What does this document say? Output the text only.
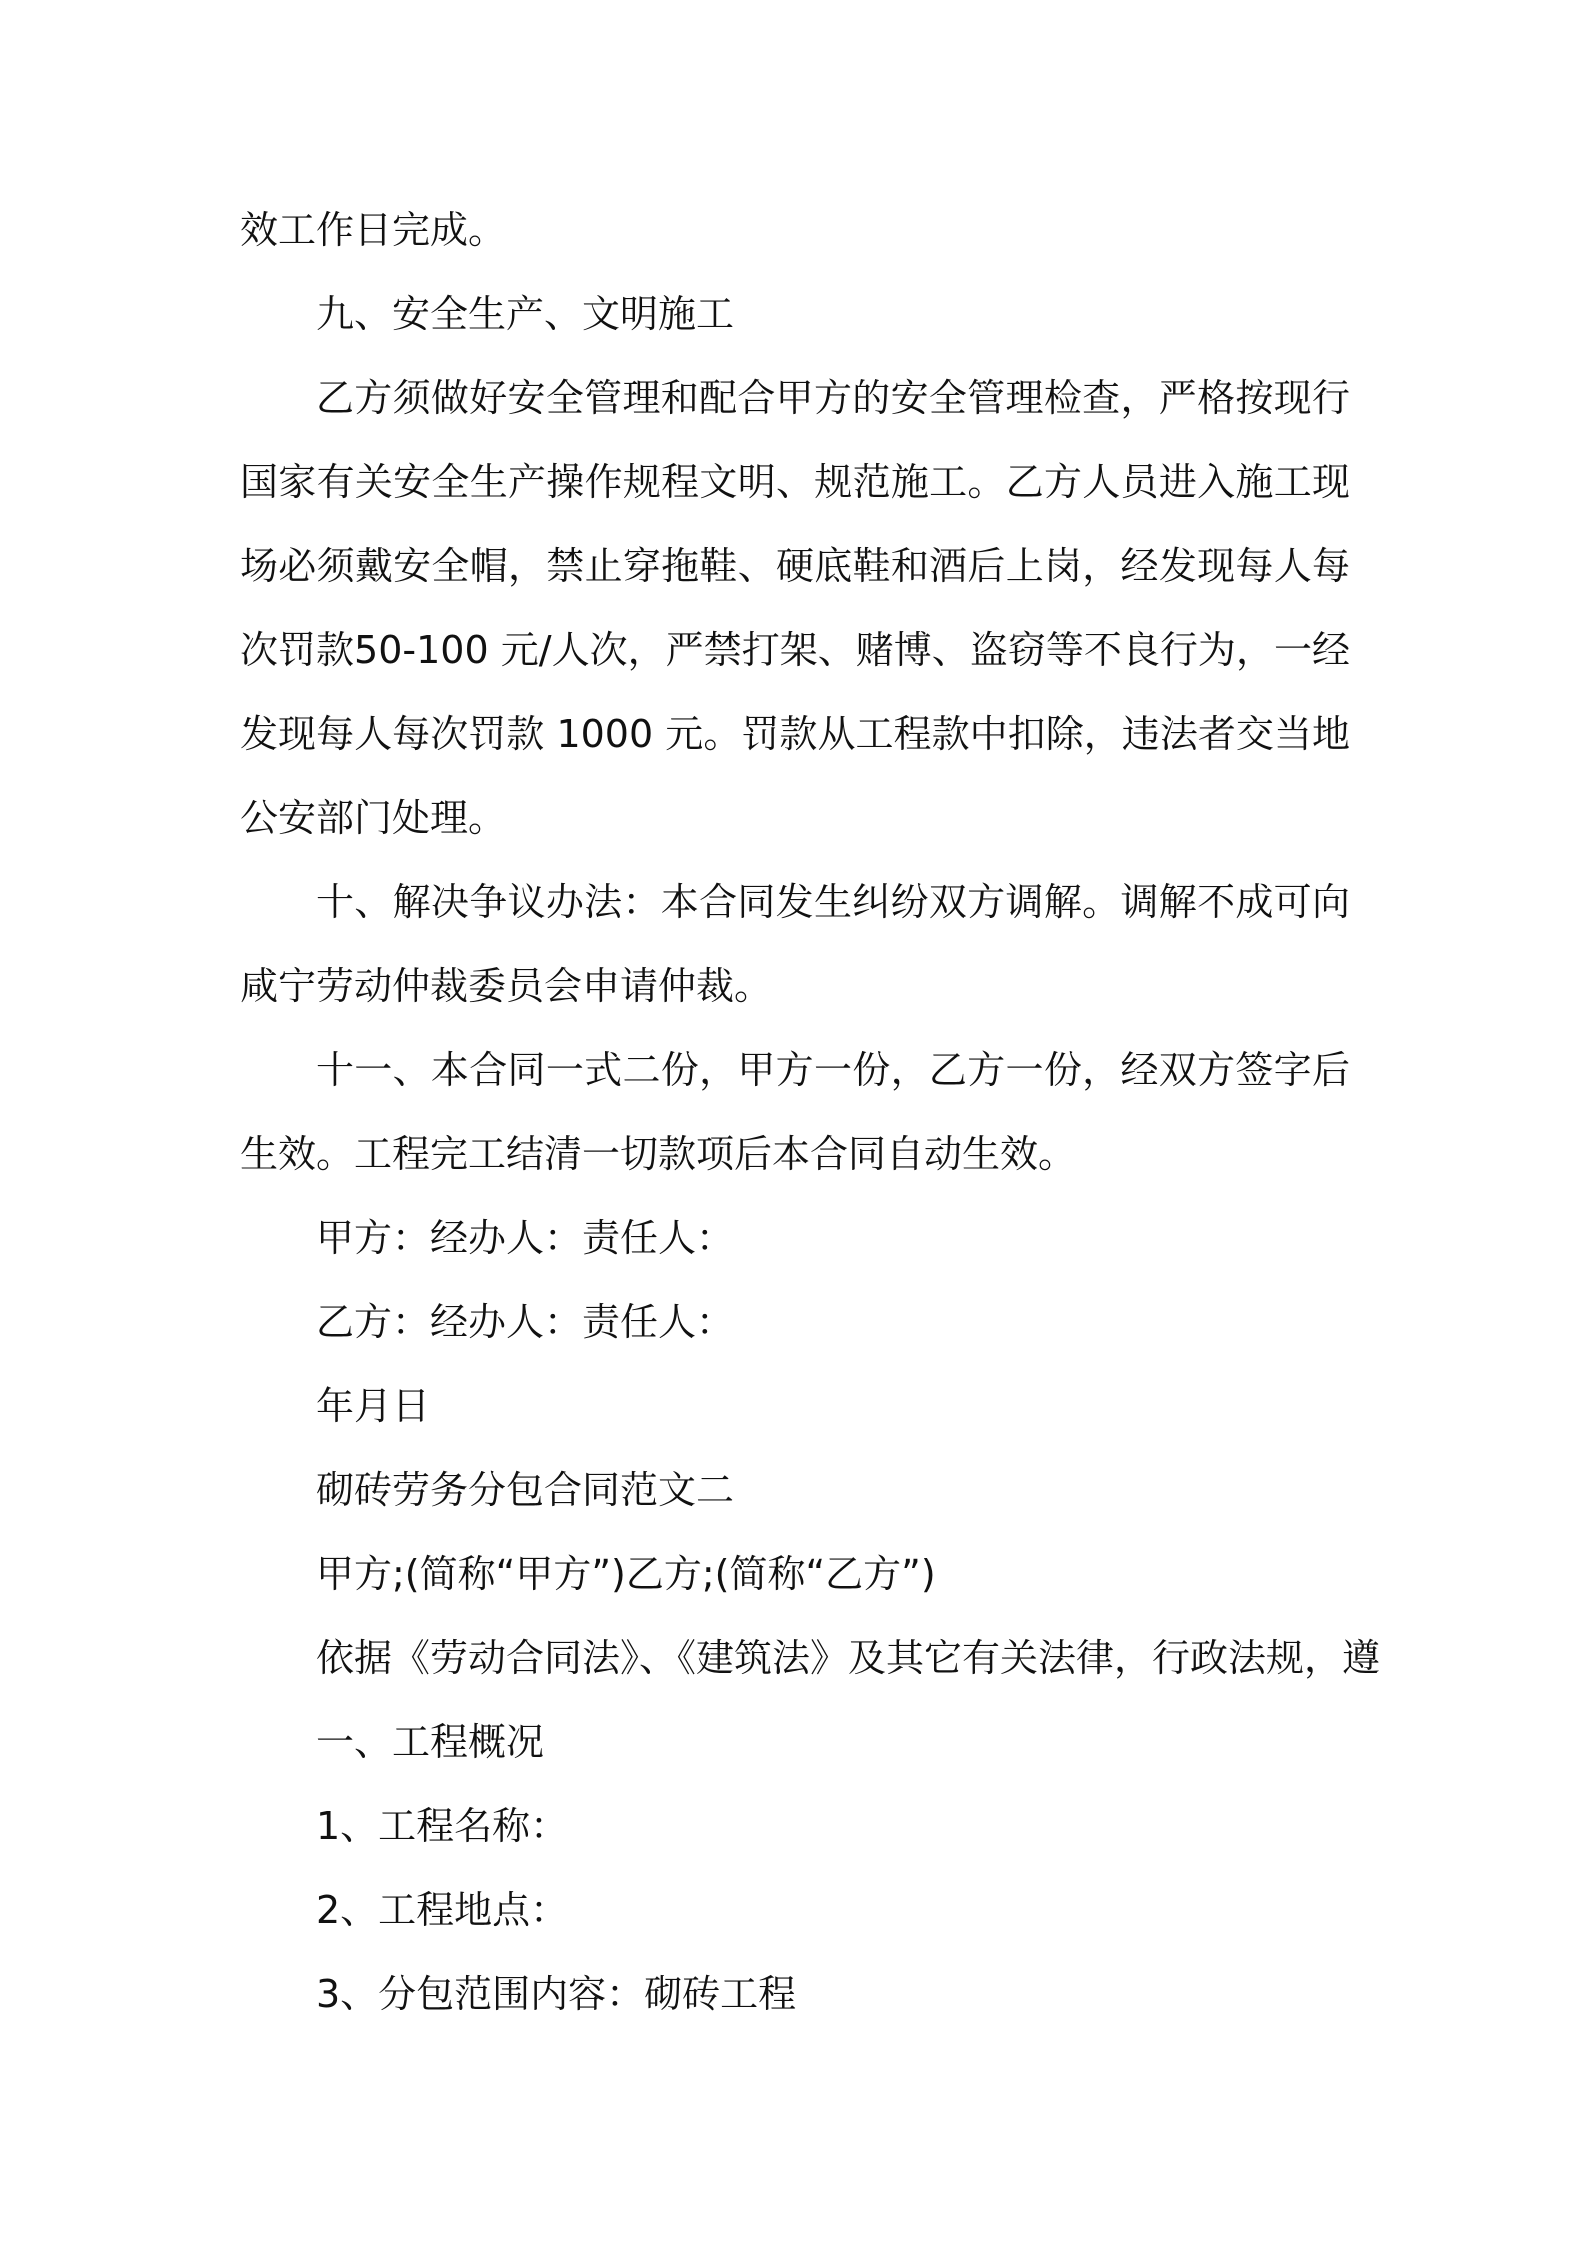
效工作日完成。

九、安全生产、文明施工

乙方须做好安全管理和配合甲方的安全管理检查，严格按现行国家有关安全生产操作规程文明、规范施工。乙方人员进入施工现场必须戴安全帽，禁止穿拖鞋、硬底鞋和酒后上岗，经发现每人每次罚款50-100 元/人次，严禁打架、赌博、盗窃等不良行为，一经发现每人每次罚款 1000 元。罚款从工程款中扣除，违法者交当地公安部门处理。

十、解决争议办法：本合同发生纠纷双方调解。调解不成可向咸宁劳动仲裁委员会申请仲裁。

十一、本合同一式二份，甲方一份，乙方一份，经双方签字后生效。工程完工结清一切款项后本合同自动生效。

甲方：经办人：责任人：

乙方：经办人：责任人：

年月日

砌砖劳务分包合同范文二

甲方;(简称“甲方”)乙方;(简称“乙方”)

依据《劳动合同法》、《建筑法》及其它有关法律，行政法规，遵

一、工程概况

1、工程名称：

2、工程地点：

3、分包范围内容：砌砖工程
